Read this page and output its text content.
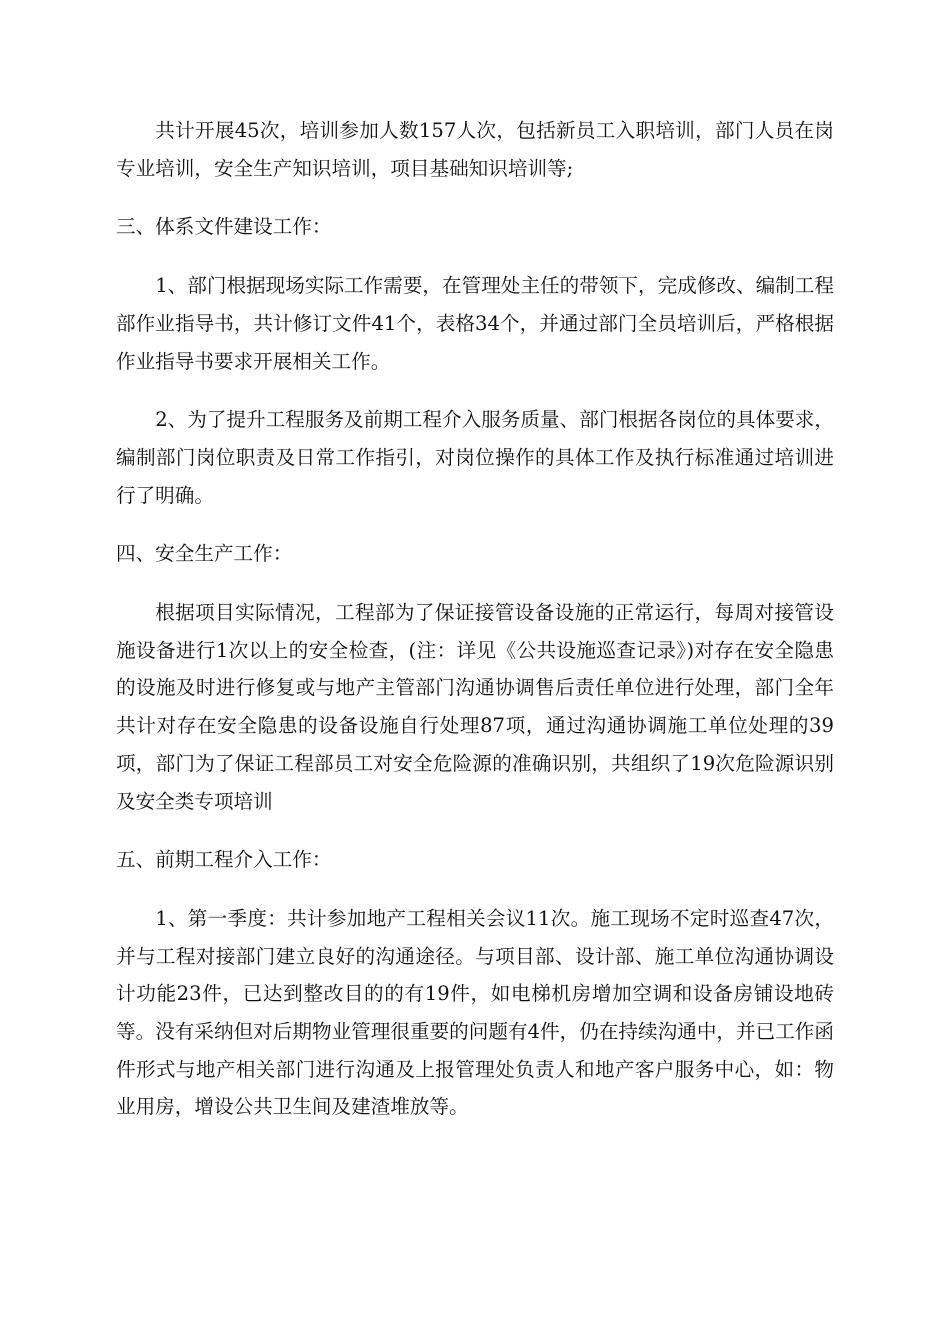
共计开展45次，培训参加人数157人次，包括新员工入职培训，部门人员在岗专业培训，安全生产知识培训，项目基础知识培训等;

三、体系文件建设工作：

1、部门根据现场实际工作需要，在管理处主任的带领下，完成修改、编制工程部作业指导书，共计修订文件41个，表格34个，并通过部门全员培训后，严格根据作业指导书要求开展相关工作。

2、为了提升工程服务及前期工程介入服务质量、部门根据各岗位的具体要求，编制部门岗位职责及日常工作指引，对岗位操作的具体工作及执行标准通过培训进行了明确。

四、安全生产工作：

根据项目实际情况，工程部为了保证接管设备设施的正常运行，每周对接管设施设备进行1次以上的安全检查，(注：详见《公共设施巡查记录》)对存在安全隐患的设施及时进行修复或与地产主管部门沟通协调售后责任单位进行处理，部门全年共计对存在安全隐患的设备设施自行处理87项，通过沟通协调施工单位处理的39项，部门为了保证工程部员工对安全危险源的准确识别，共组织了19次危险源识别及安全类专项培训

五、前期工程介入工作：

1、第一季度：共计参加地产工程相关会议11次。施工现场不定时巡查47次，并与工程对接部门建立良好的沟通途径。与项目部、设计部、施工单位沟通协调设计功能23件，已达到整改目的的有19件，如电梯机房增加空调和设备房铺设地砖等。没有采纳但对后期物业管理很重要的问题有4件，仍在持续沟通中，并已工作函件形式与地产相关部门进行沟通及上报管理处负责人和地产客户服务中心，如：物业用房，增设公共卫生间及建渣堆放等。
